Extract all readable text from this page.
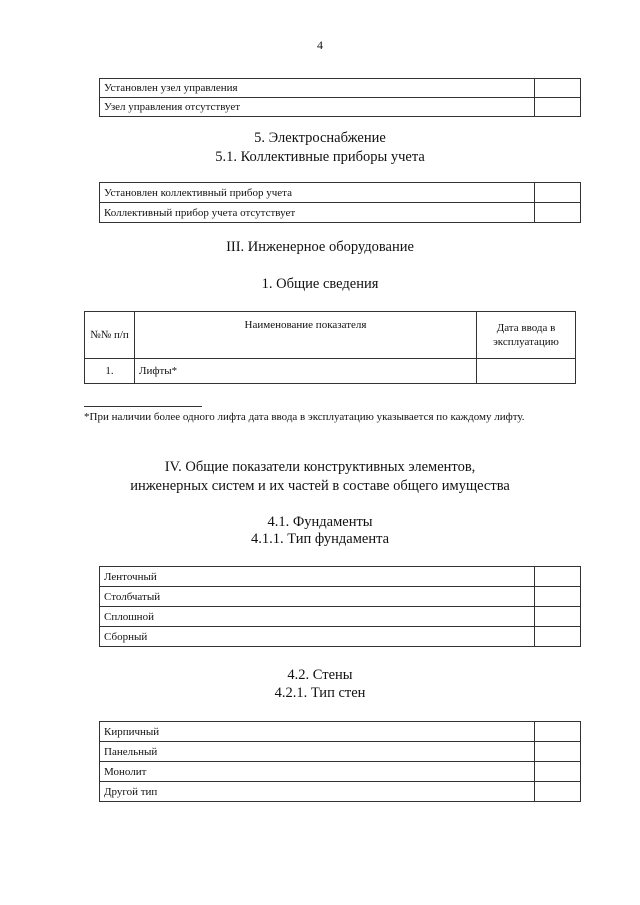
4
Установлен узел управления	
Узел управления отсутствует	
5. Электроснабжение
5.1. Коллективные приборы учета
Установлен коллективный прибор учета	
Коллективный прибор учета отсутствует	
III. Инженерное оборудование
1. Общие сведения
№№ п/п	Наименование показателя	Дата ввода в эксплуатацию
1.	Лифты*	
*При наличии более одного лифта дата ввода в эксплуатацию указывается по каждому лифту.
IV. Общие показатели конструктивных элементов,
инженерных систем и их частей в составе общего имущества
4.1. Фундаменты
4.1.1. Тип фундамента
Ленточный	
Столбчатый	
Сплошной	
Сборный	
4.2. Стены
4.2.1. Тип стен
Кирпичный	
Панельный	
Монолит	
Другой тип	
